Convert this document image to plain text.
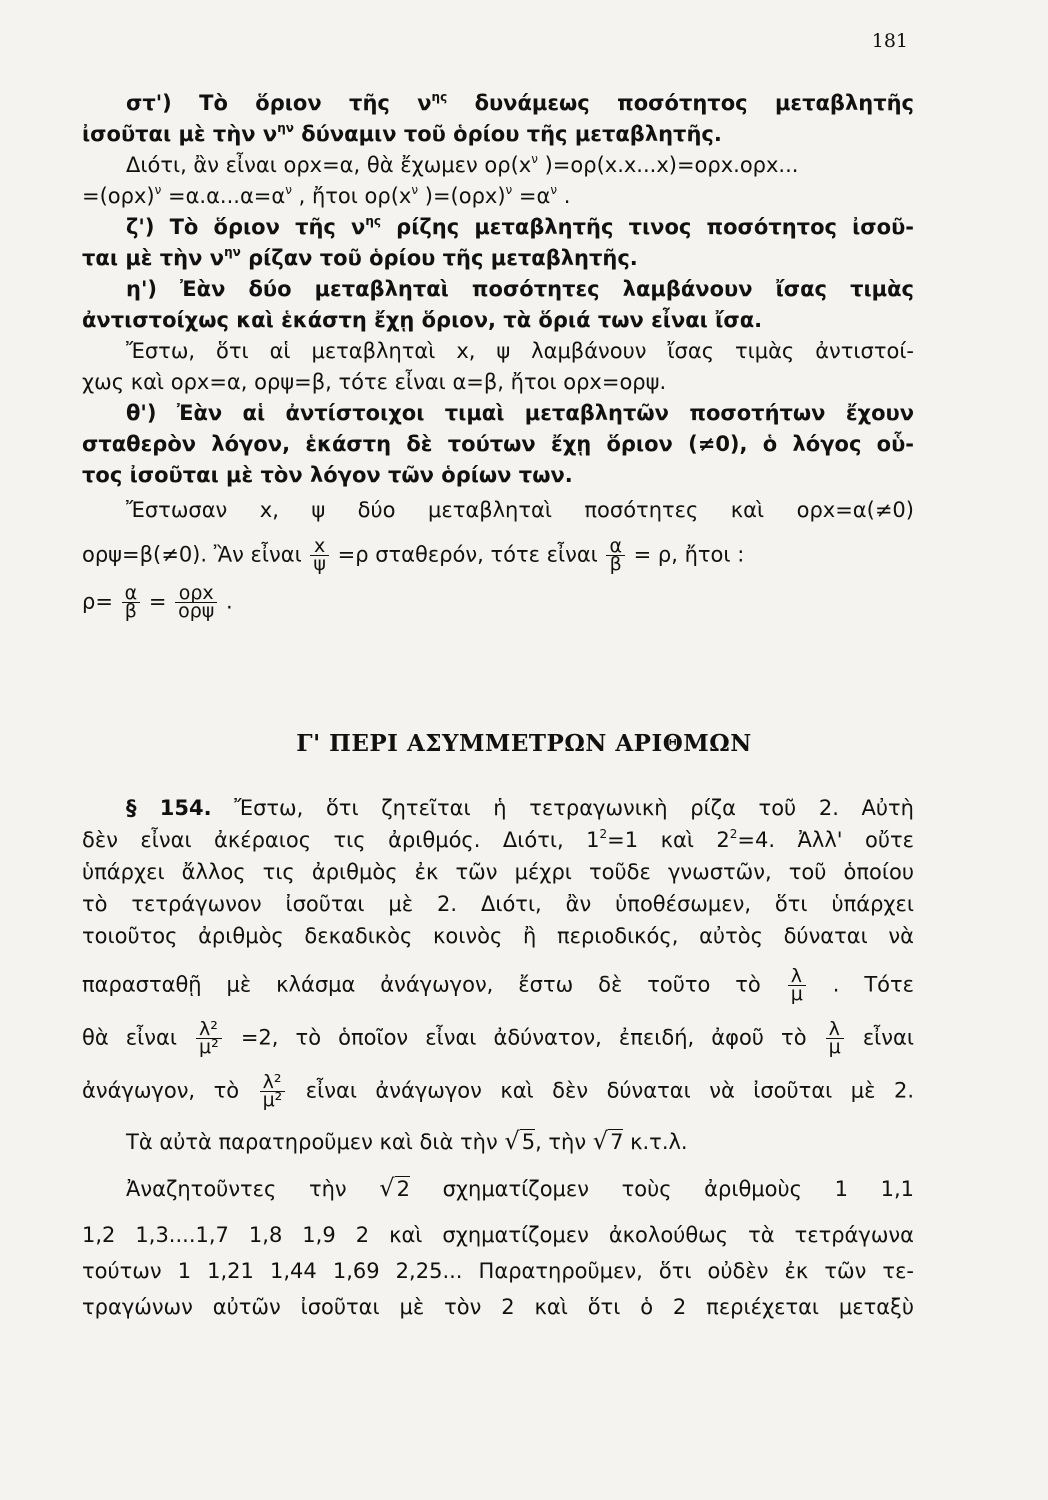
181
στ') Τὸ ὅριον τῆς $\nu^{\eta\varsigma}$ δυνάμεως ποσότητος μεταβλητῆς
ἰσοῦται μὲ τὴν $\nu^{\eta\nu}$ δύναμιν τοῦ ὁρίου τῆς μεταβλητῆς.
Διότι, ἂν εἶναι ορx=α, θὰ ἔχωμεν $o\rho(x^\nu$ )=ορ(x.x...x)=ορx.ορx...
$=(o\rho x)^\nu =\alpha.\alpha...\alpha=\alpha^\nu$ , ἤτοι $o\rho(x^\nu$ )$=(o\rho x)^\nu =\alpha^\nu$ .
ζ') Τὸ ὅριον τῆς $\nu^{\eta\varsigma}$ ρίζης μεταβλητῆς τινος ποσότητος ἰσοῦ-
ται μὲ τὴν $\nu^{\eta\nu}$ ρίζαν τοῦ ὁρίου τῆς μεταβλητῆς.
η') Ἐὰν δύο μεταβληταὶ ποσότητες λαμβάνουν ἴσας τιμὰς
ἀντιστοίχως καὶ ἑκάστη ἔχῃ ὅριον, τὰ ὅριά των εἶναι ἴσα.
Ἔστω, ὅτι αἱ μεταβληταὶ x, ψ λαμβάνουν ἴσας τιμὰς ἀντιστοί-
χως καὶ ορx=α, ορψ=β, τότε εἶναι α=β, ἤτοι ορx=ορψ.
θ') Ἐὰν αἱ ἀντίστοιχοι τιμαὶ μεταβλητῶν ποσοτήτων ἔχουν
σταθερὸν λόγον, ἑκάστη δὲ τούτων ἔχῃ ὅριον (≠0), ὁ λόγος οὗ-
τος ἰσοῦται μὲ τὸν λόγον τῶν ὁρίων των.
Ἔστωσαν x, ψ δύο μεταβληταὶ ποσότητες καὶ ορx=α(≠0)
ορψ=β(≠0). Ἂν εἶναι $\frac{x}{\psi} =\rho$ σταθερόν, τότε εἶναι $\frac{\alpha}{\beta} = \rho$, ἤτοι :
$\rho= \frac{\alpha}{\beta} = \frac{\text{ορx}}{\text{ορψ}}$ .
Γ' ΠΕΡΙ ΑΣΥΜΜΕΤΡΩΝ ΑΡΙΘΜΩΝ
§ 154. Ἔστω, ὅτι ζητεῖται ἡ τετραγωνικὴ ρίζα τοῦ 2. Αὐτὴ
δὲν εἶναι ἀκέραιος τις ἀριθμός. Διότι, $1^2=1$ καὶ $2^2=4$. Ἀλλ' οὔτε
ὑπάρχει ἄλλος τις ἀριθμὸς ἐκ τῶν μέχρι τοῦδε γνωστῶν, τοῦ ὁποίου
τὸ τετράγωνον ἰσοῦται μὲ 2. Διότι, ἂν ὑποθέσωμεν, ὅτι ὑπάρχει
τοιοῦτος ἀριθμὸς δεκαδικὸς κοινὸς ἢ περιοδικός, αὐτὸς δύναται νὰ
παρασταθῇ μὲ κλάσμα ἀνάγωγον, ἔστω δὲ τοῦτο τὸ $\frac{\lambda}{\mu}$ . Τότε
θὰ εἶναι $\frac{\text{λ²}}{\text{μ²}} =2$, τὸ ὁποῖον εἶναι ἀδύνατον, ἐπειδή, ἀφοῦ τὸ $\frac{\lambda}{\mu}$ εἶναι
ἀνάγωγον, τὸ $\frac{\text{λ²}}{\text{μ²}}$ εἶναι ἀνάγωγον καὶ δὲν δύναται νὰ ἰσοῦται μὲ 2.
Τὰ αὐτὰ παρατηροῦμεν καὶ διὰ τὴν √5, τὴν √7 κ.τ.λ.
Ἀναζητοῦντες τὴν √2 σχηματίζομεν τοὺς ἀριθμοὺς 1 1,1
1,2 1,3....1,7 1,8 1,9 2 καὶ σχηματίζομεν ἀκολούθως τὰ τετράγωνα
τούτων 1 1,21 1,44 1,69 2,25... Παρατηροῦμεν, ὅτι οὐδὲν ἐκ τῶν τε-
τραγώνων αὐτῶν ἰσοῦται μὲ τὸν 2 καὶ ὅτι ὁ 2 περιέχεται μεταξὺ
